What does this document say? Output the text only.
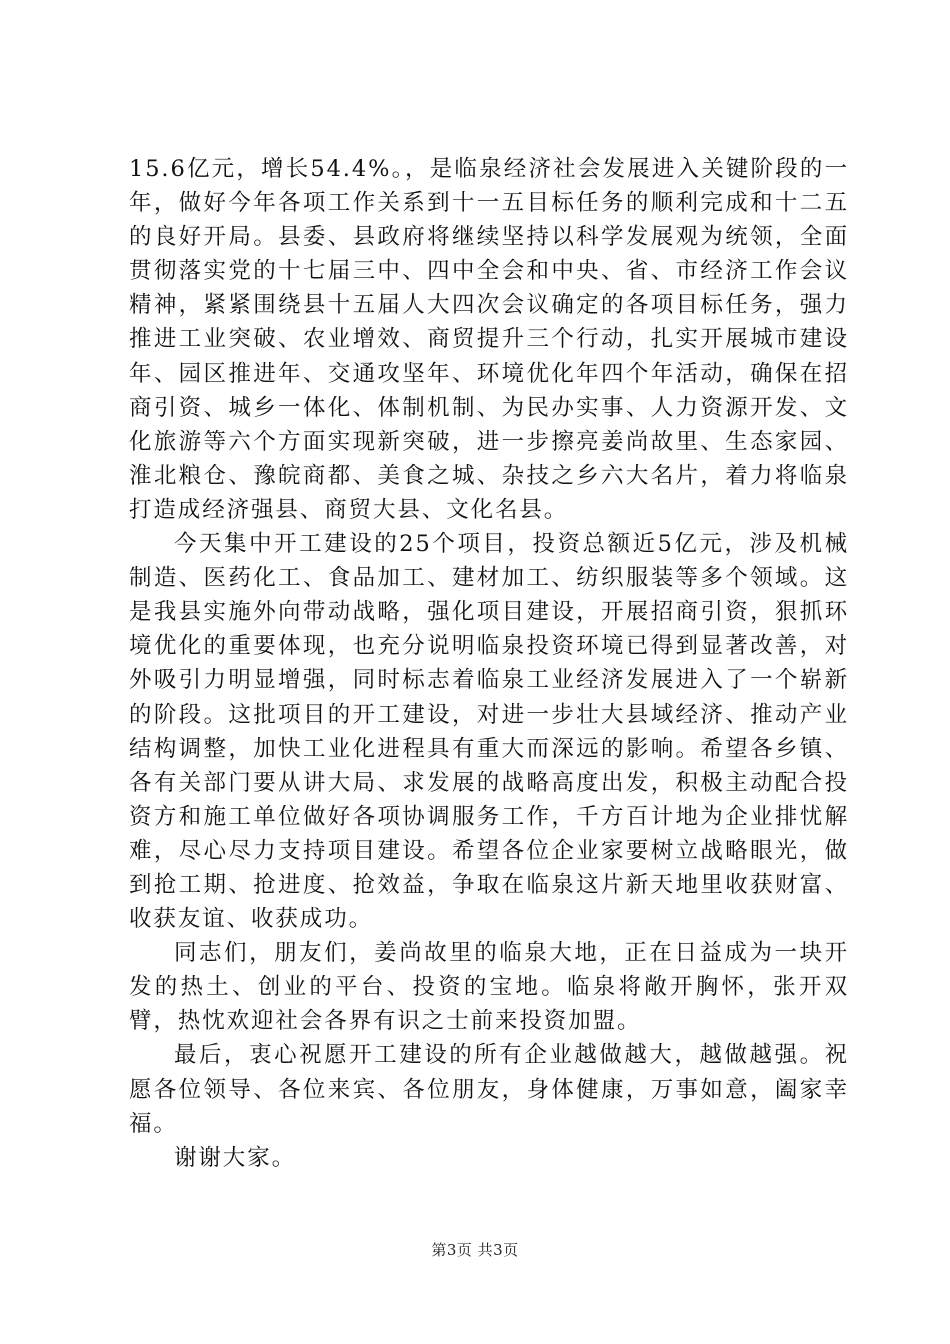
15.6亿元，增长54.4%。，是临泉经济社会发展进入关键阶段的一年，做好今年各项工作关系到十一五目标任务的顺利完成和十二五的良好开局。县委、县政府将继续坚持以科学发展观为统领，全面贯彻落实党的十七届三中、四中全会和中央、省、市经济工作会议精神，紧紧围绕县十五届人大四次会议确定的各项目标任务，强力推进工业突破、农业增效、商贸提升三个行动，扎实开展城市建设年、园区推进年、交通攻坚年、环境优化年四个年活动，确保在招商引资、城乡一体化、体制机制、为民办实事、人力资源开发、文化旅游等六个方面实现新突破，进一步擦亮姜尚故里、生态家园、淮北粮仓、豫皖商都、美食之城、杂技之乡六大名片，着力将临泉打造成经济强县、商贸大县、文化名县。

今天集中开工建设的25个项目，投资总额近5亿元，涉及机械制造、医药化工、食品加工、建材加工、纺织服装等多个领域。这是我县实施外向带动战略，强化项目建设，开展招商引资，狠抓环境优化的重要体现，也充分说明临泉投资环境已得到显著改善，对外吸引力明显增强，同时标志着临泉工业经济发展进入了一个崭新的阶段。这批项目的开工建设，对进一步壮大县域经济、推动产业结构调整，加快工业化进程具有重大而深远的影响。希望各乡镇、各有关部门要从讲大局、求发展的战略高度出发，积极主动配合投资方和施工单位做好各项协调服务工作，千方百计地为企业排忧解难，尽心尽力支持项目建设。希望各位企业家要树立战略眼光，做到抢工期、抢进度、抢效益，争取在临泉这片新天地里收获财富、收获友谊、收获成功。

同志们，朋友们，姜尚故里的临泉大地，正在日益成为一块开发的热土、创业的平台、投资的宝地。临泉将敞开胸怀，张开双臂，热忱欢迎社会各界有识之士前来投资加盟。

最后，衷心祝愿开工建设的所有企业越做越大，越做越强。祝愿各位领导、各位来宾、各位朋友，身体健康，万事如意，阖家幸福。

谢谢大家。

第3页 共3页
